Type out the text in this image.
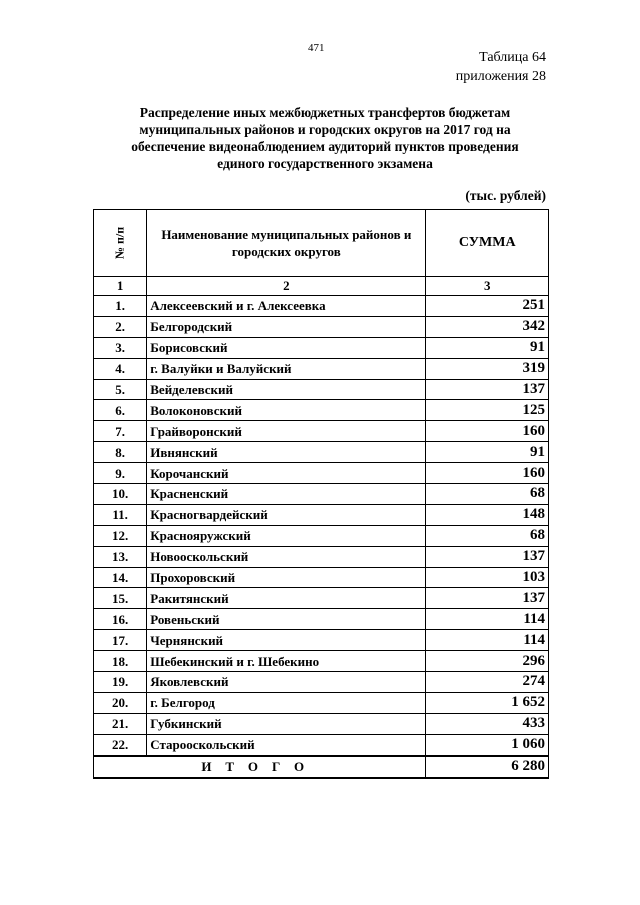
471
Таблица 64
приложения 28
Распределение иных межбюджетных трансфертов бюджетам муниципальных районов и городских округов на 2017 год на обеспечение видеонаблюдением аудиторий пунктов проведения единого государственного экзамена
(тыс. рублей)
№ п/п	Наименование муниципальных районов и городских округов	СУММА
1	2	3
1.	Алексеевский и г. Алексеевка	251
2.	Белгородский	342
3.	Борисовский	91
4.	г. Валуйки и Валуйский	319
5.	Вейделевский	137
6.	Волоконовский	125
7.	Грайворонский	160
8.	Ивнянский	91
9.	Корочанский	160
10.	Красненский	68
11.	Красногвардейский	148
12.	Краснояружский	68
13.	Новооскольский	137
14.	Прохоровский	103
15.	Ракитянский	137
16.	Ровеньский	114
17.	Чернянский	114
18.	Шебекинский и г. Шебекино	296
19.	Яковлевский	274
20.	г. Белгород	1 652
21.	Губкинский	433
22.	Старооскольский	1 060
ИТОГО		6 280
